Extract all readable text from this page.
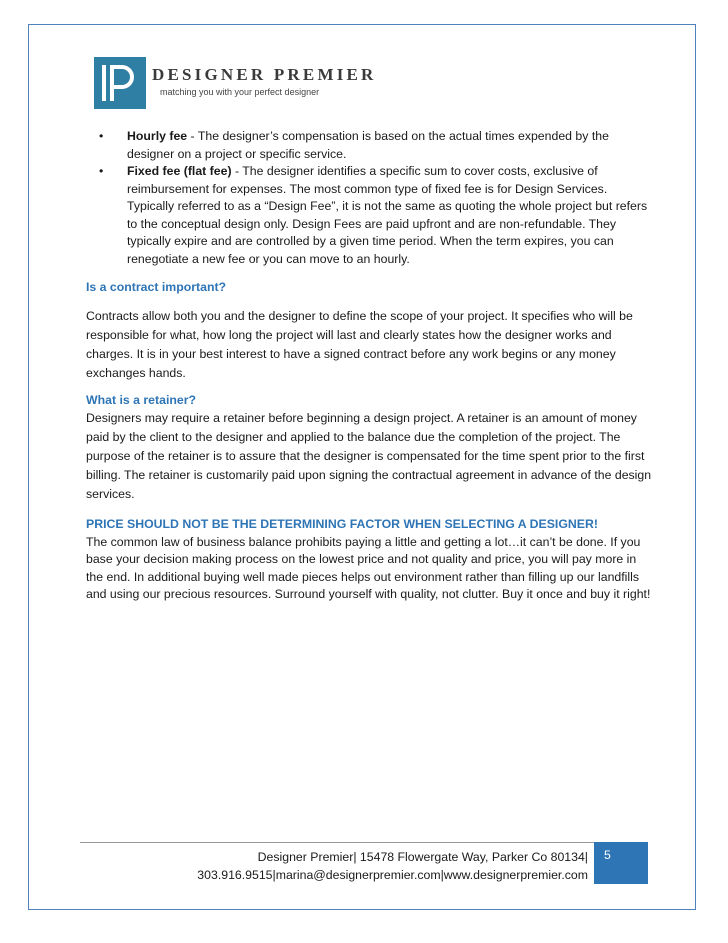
DESIGNER PREMIER
matching you with your perfect designer
• Hourly fee - The designer’s compensation is based on the actual times expended by the designer on a project or specific service.
• Fixed fee (flat fee) - The designer identifies a specific sum to cover costs, exclusive of reimbursement for expenses. The most common type of fixed fee is for Design Services. Typically referred to as a “Design Fee”, it is not the same as quoting the whole project but refers to the conceptual design only. Design Fees are paid upfront and are non-refundable. They typically expire and are controlled by a given time period. When the term expires, you can renegotiate a new fee or you can move to an hourly.

Is a contract important?

Contracts allow both you and the designer to define the scope of your project. It specifies who will be responsible for what, how long the project will last and clearly states how the designer works and charges. It is in your best interest to have a signed contract before any work begins or any money exchanges hands.

What is a retainer?

Designers may require a retainer before beginning a design project. A retainer is an amount of money paid by the client to the designer and applied to the balance due the completion of the project. The purpose of the retainer is to assure that the designer is compensated for the time spent prior to the first billing. The retainer is customarily paid upon signing the contractual agreement in advance of the design services.

PRICE SHOULD NOT BE THE DETERMINING FACTOR WHEN SELECTING A DESIGNER!

The common law of business balance prohibits paying a little and getting a lot…it can’t be done. If you base your decision making process on the lowest price and not quality and price, you will pay more in the end. In additional buying well made pieces helps out environment rather than filling up our landfills and using our precious resources. Surround yourself with quality, not clutter. Buy it once and buy it right!

Designer Premier| 15478 Flowergate Way, Parker Co 80134|
303.916.9515|marina@designerpremier.com|www.designerpremier.com
5
